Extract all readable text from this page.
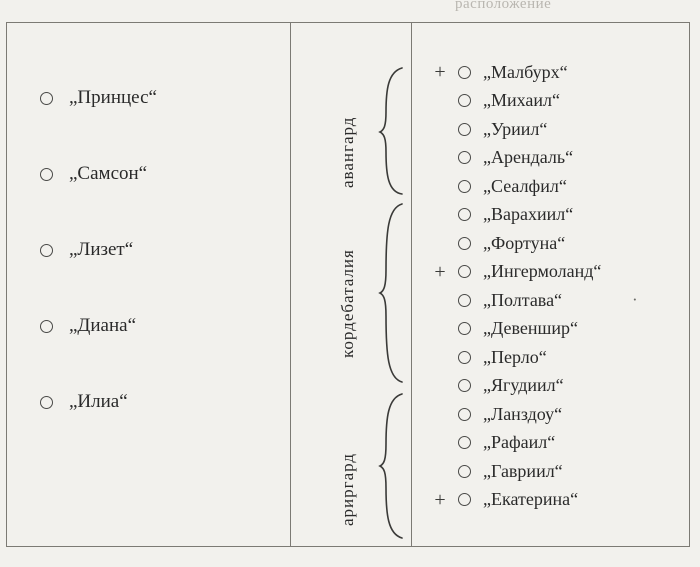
расположение
„Принцес“
„Самсон“
„Лизет“
„Диана“
„Илиа“
авангард
кордебаталия
ариргард
+ „Малбурх“
„Михаил“
„Уриил“
„Арендаль“
„Сеалфил“
„Варахиил“
„Фортуна“
+ „Ингермоланд“
„Полтава“	·
„Девеншир“
„Перло“
„Ягудиил“
„Ланздоу“
„Рафаил“
„Гавриил“
+ „Екатерина“
